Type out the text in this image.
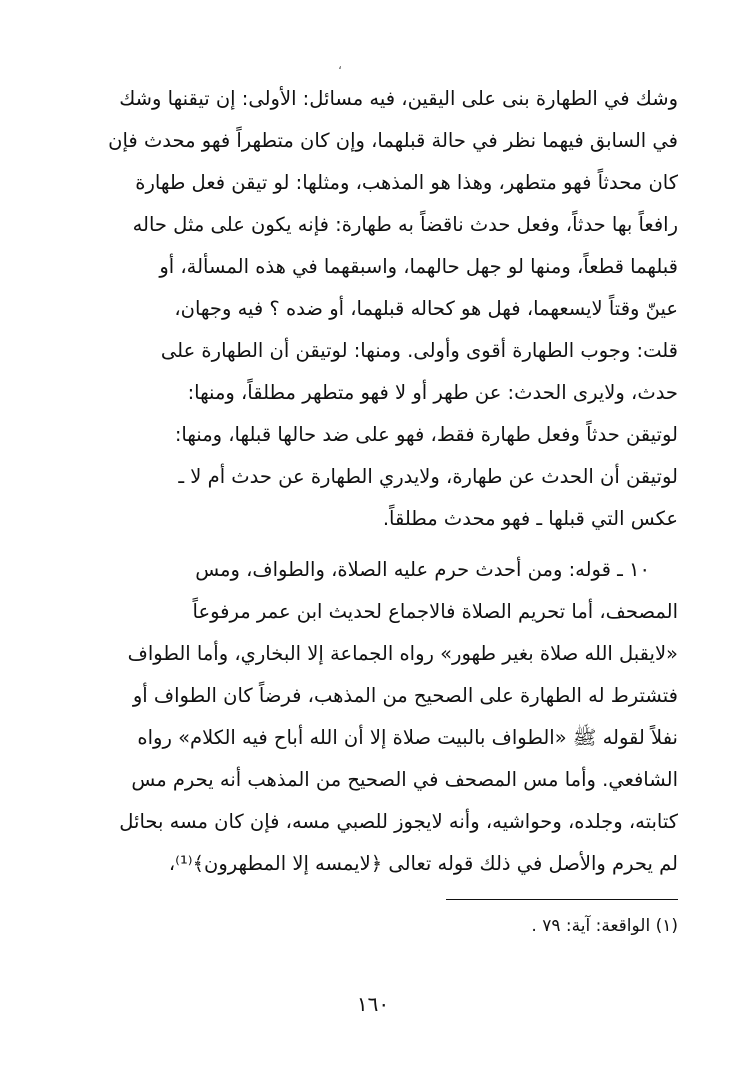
،
وشك في الطهارة بنى على اليقين، فيه مسائل: الأولى: إن تيقنها وشك
في السابق فيهما نظر في حالة قبلهما، وإن كان متطهراً فهو محدث فإن
كان محدثاً فهو متطهر، وهذا هو المذهب، ومثلها: لو تيقن فعل طهارة
رافعاً بها حدثاً، وفعل حدث ناقضاً به طهارة: فإنه يكون على مثل حاله
قبلهما قطعاً، ومنها لو جهل حالهما، واسبقهما في هذه المسألة، أو
عينّ وقتاً لايسعهما، فهل هو كحاله قبلهما، أو ضده ؟ فيه وجهان،
قلت: وجوب الطهارة أقوى وأولى. ومنها: لوتيقن أن الطهارة على
حدث، ولايرى الحدث: عن طهر أو لا فهو متطهر مطلقاً، ومنها:
لوتيقن حدثاً وفعل طهارة فقط، فهو على ضد حالها قبلها، ومنها:
لوتيقن أن الحدث عن طهارة، ولايدري الطهارة عن حدث أم لا ـ
عكس التي قبلها ـ فهو محدث مطلقاً.
١٠ ـ قوله: ومن أحدث حرم عليه الصلاة، والطواف، ومس
المصحف، أما تحريم الصلاة فالاجماع لحديث ابن عمر مرفوعاً
«لايقبل الله صلاة بغير طهور» رواه الجماعة إلا البخاري، وأما الطواف
فتشترط له الطهارة على الصحيح من المذهب، فرضاً كان الطواف أو
نفلاً لقوله ﷺ «الطواف بالبيت صلاة إلا أن الله أباح فيه الكلام» رواه
الشافعي. وأما مس المصحف في الصحيح من المذهب أنه يحرم مس
كتابته، وجلده، وحواشيه، وأنه لايجوز للصبي مسه، فإن كان مسه بحائل
لم يحرم والأصل في ذلك قوله تعالى ﴿لايمسه إلا المطهرون﴾⁽¹⁾،
(١) الواقعة: آية: ٧٩ .
١٦٠
